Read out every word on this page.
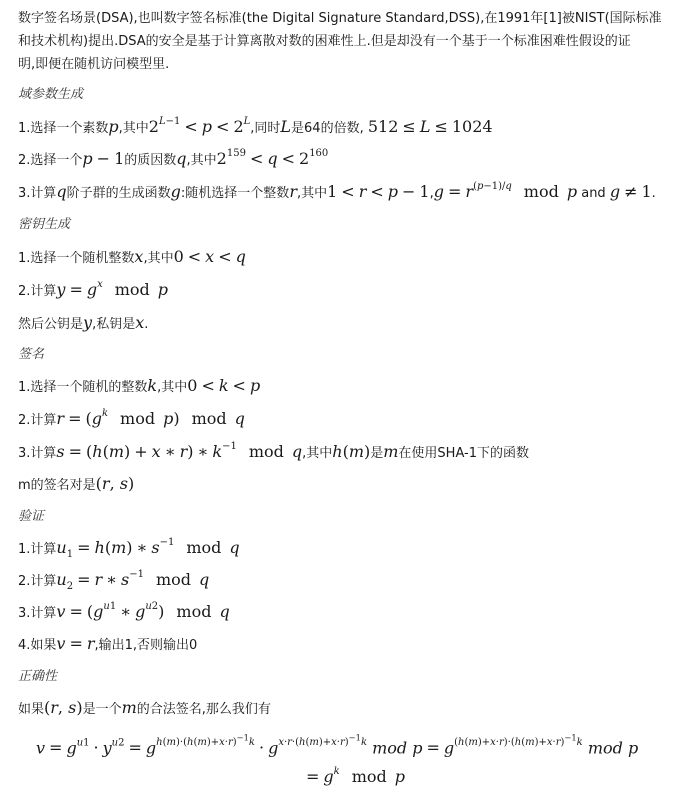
数字签名场景(DSA),也叫数字签名标准(the Digital Signature Standard,DSS),在1991年[1]被NIST(国际标准
和技术机构)提出.DSA的安全是基于计算离散对数的困难性上.但是却没有一个基于一个标准困难性假设的证
明,即便在随机访问模型里.
域参数生成
1.选择一个素数p,其中$2^{L-1} < p < 2^L$,同时L是64的倍数, 512 ≤ L ≤ 1024
2.选择一个p − 1的质因数q,其中$2^{159} < q < 2^{160}$
3.计算q阶子群的生成函数g:随机选择一个整数r,其中$1 < r < p - 1,g = r^{(p-1)/q}$ mod p and g ≠ 1.
密钥生成
1.选择一个随机整数x,其中0 < x < q
2.计算$y = g^x$ mod p
然后公钥是y,私钥是x.
签名
1.选择一个随机的整数k,其中0 < k < p
2.计算$r = (g^k$ mod p) mod q
3.计算s = (h(m) + x ∗ r) ∗ $k^{-1}$ mod q,其中h(m)是m在使用SHA-1下的函数
m的签名对是(r, s)
验证
1.计算$u_1 = h(m)$ ∗ $s^{-1}$ mod q
2.计算$u_2 = r$ ∗ $s^{-1}$ mod q
3.计算$v = (g^{u1}$ ∗ $g^{u2}$) mod q
4.如果v = r,输出1,否则输出0
正确性
如果(r, s)是一个m的合法签名,那么我们有
$v = g^{u1} \cdot y^{u2} = g^{h(m)\cdot(h(m)+x\cdot r)^{-1}k} \cdot g^{x\cdot r\cdot(h(m)+x\cdot r)^{-1}k}$ mod $p = g^{(h(m)+x\cdot r)\cdot(h(m)+x\cdot r)^{-1}k}$ mod p
= $g^k$ mod p
